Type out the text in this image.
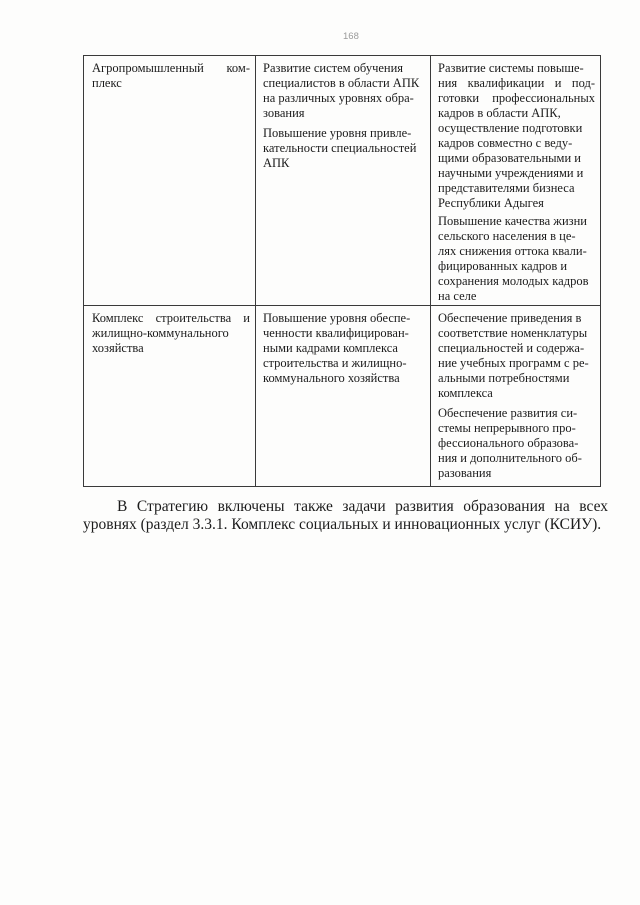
168
Агропромышленный ком-
плекс
Развитие систем обучения
специалистов в области АПК
на различных уровнях обра-
зования
Повышение уровня привле-
кательности специальностей
АПК
Развитие системы повыше-
ния квалификации и под-
готовки профессиональных
кадров в области АПК,
осуществление подготовки
кадров совместно с веду-
щими образовательными и
научными учреждениями и
представителями бизнеса
Республики Адыгея
Повышение качества жизни
сельского населения в це-
лях снижения оттока квали-
фицированных кадров и
сохранения молодых кадров
на селе
Комплекс строительства и
жилищно-коммунального
хозяйства
Повышение уровня обеспе-
ченности квалифицирован-
ными кадрами комплекса
строительства и жилищно-
коммунального хозяйства
Обеспечение приведения в
соответствие номенклатуры
специальностей и содержа-
ние учебных программ с ре-
альными потребностями
комплекса
Обеспечение развития си-
стемы непрерывного про-
фессионального образова-
ния и дополнительного об-
разования
В Стратегию включены также задачи развития образования на всех
уровнях (раздел 3.3.1. Комплекс социальных и инновационных услуг (КСИУ).
